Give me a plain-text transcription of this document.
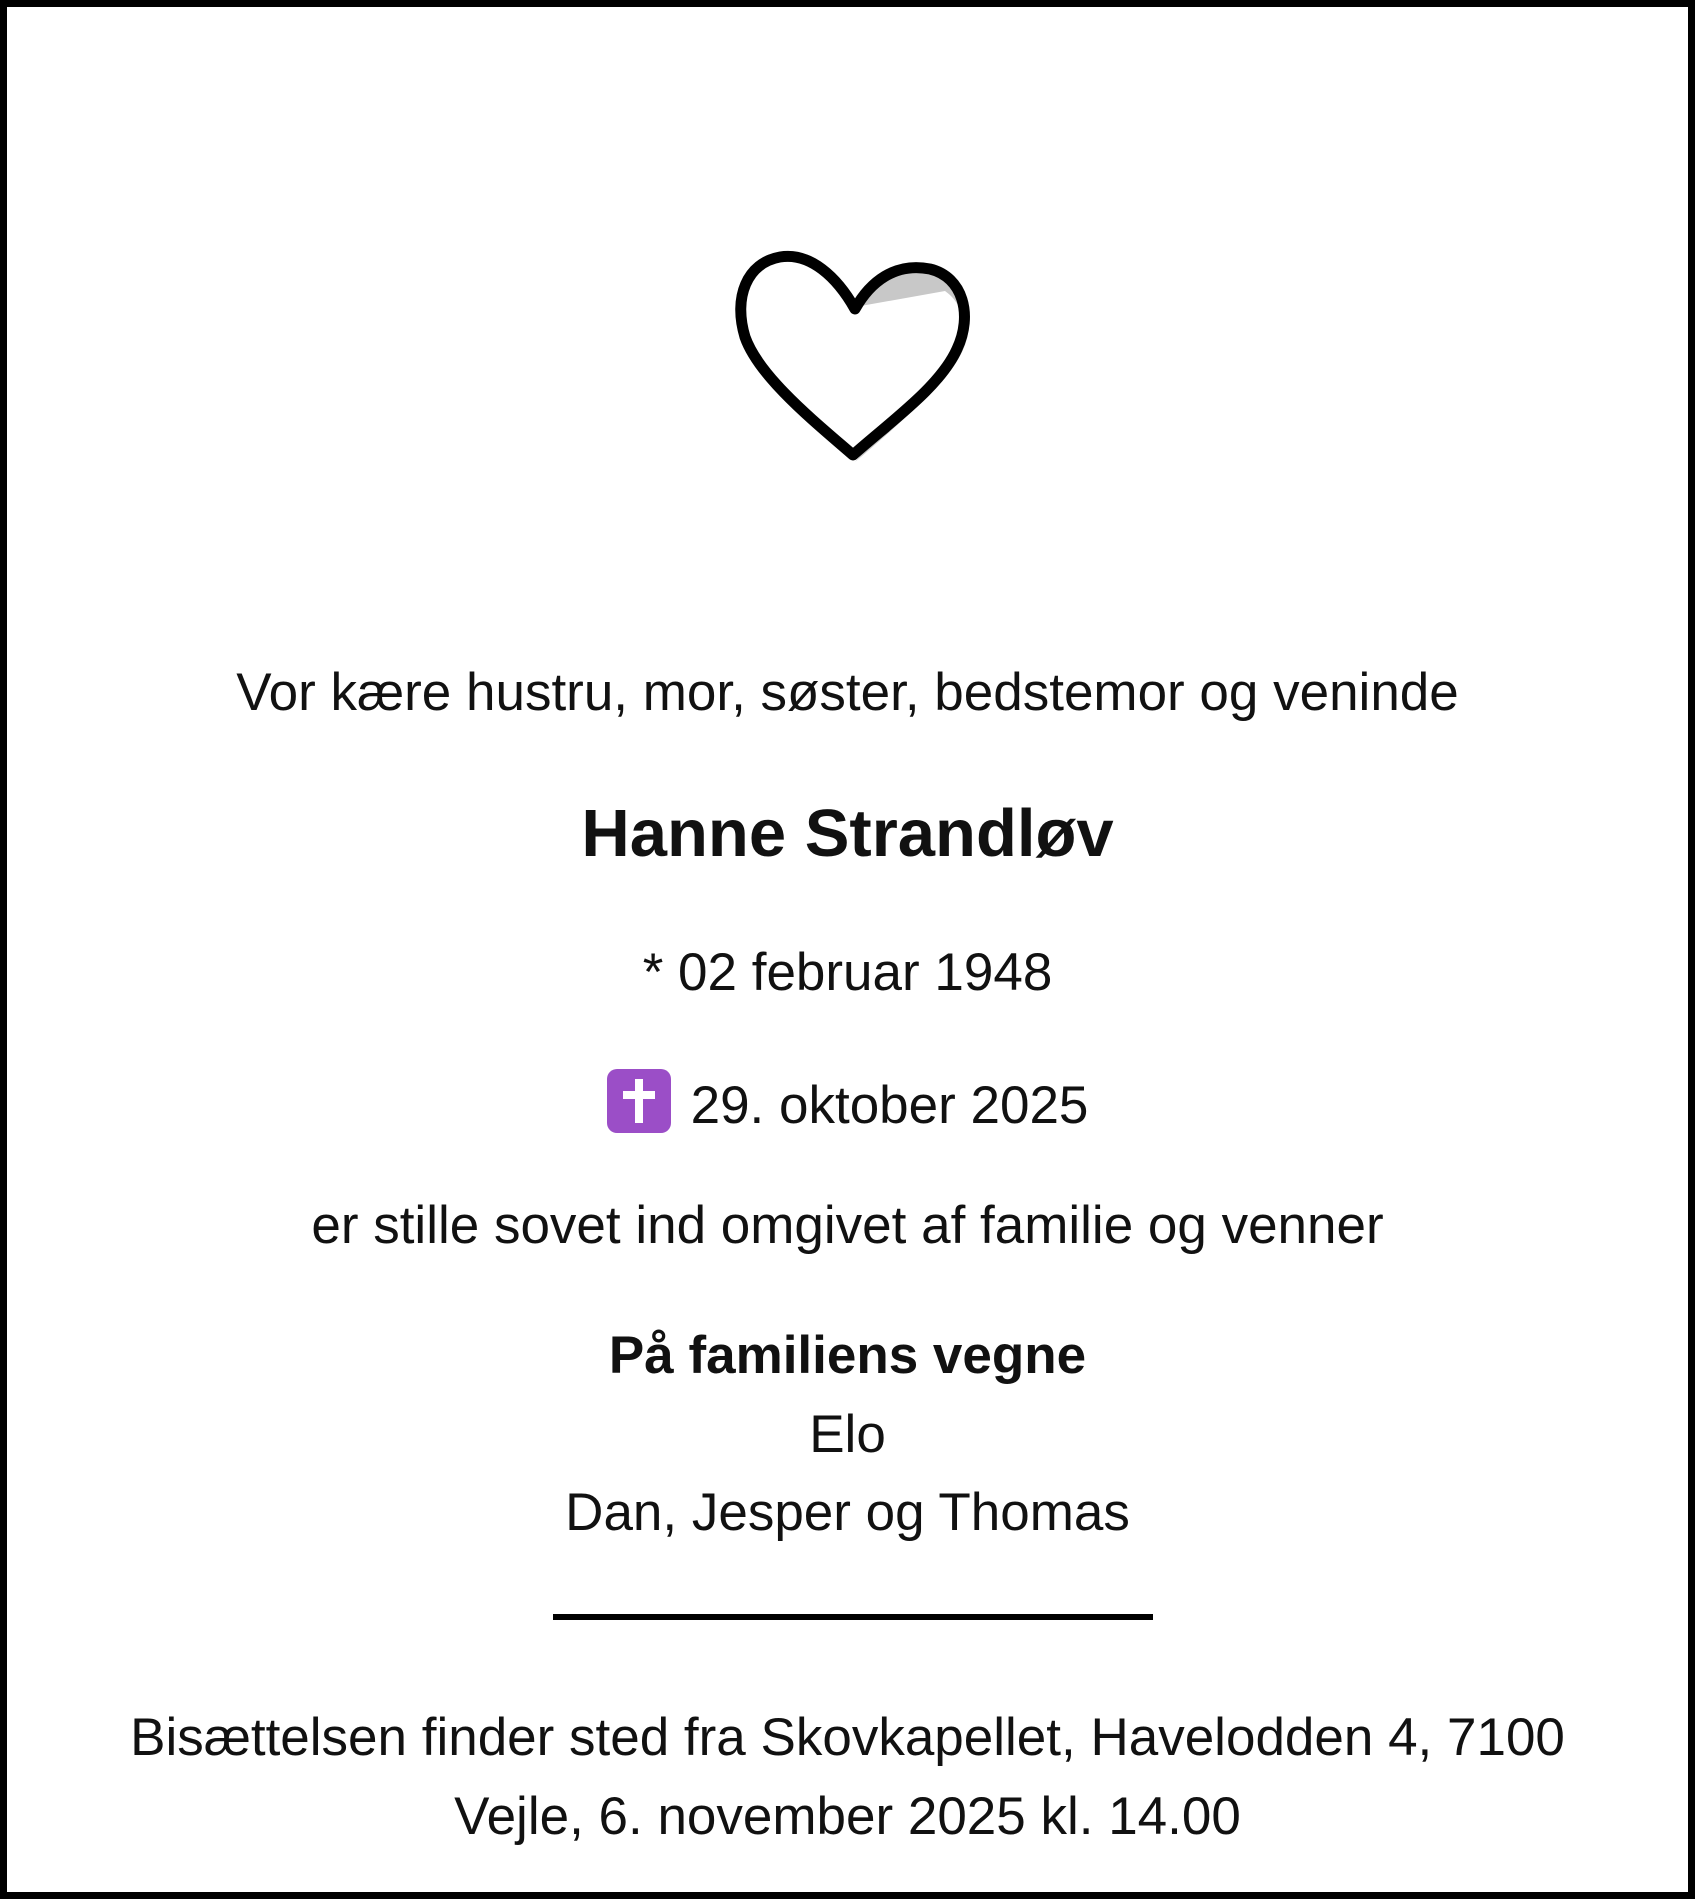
Vor kære hustru, mor, søster, bedstemor og veninde
Hanne Strandløv
* 02 februar 1948
29. oktober 2025
er stille sovet ind omgivet af familie og venner
På familiens vegne
Elo
Dan, Jesper og Thomas
Bisættelsen finder sted fra Skovkapellet, Havelodden 4, 7100
Vejle, 6. november 2025 kl. 14.00
